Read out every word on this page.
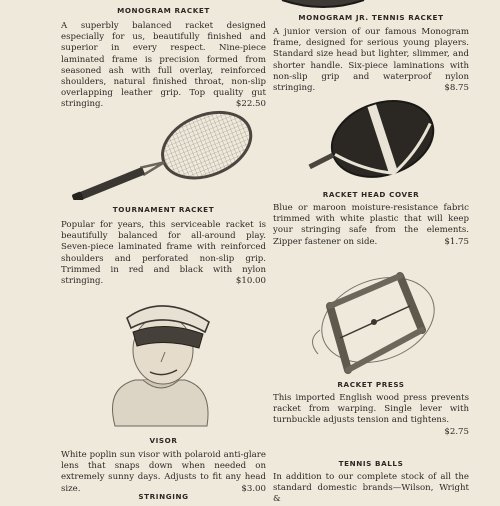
MONOGRAM RACKET
A superbly balanced racket designed especially for us, beautifully finished and superior in every respect. Nine-piece laminated frame is precision formed from seasoned ash with full overlay, reinforced shoulders, natural finished throat, non-slip overlapping leather grip. Top quality gut stringing.	$22.50
TOURNAMENT RACKET
Popular for years, this serviceable racket is beautifully balanced for all-around play. Seven-piece laminated frame with reinforced shoulders and perforated non-slip grip. Trimmed in red and black with nylon stringing.	$10.00
VISOR
White poplin sun visor with polaroid anti-glare lens that snaps down when needed on extremely sunny days. Adjusts to fit any head size.	$3.00
STRINGING
MONOGRAM JR. TENNIS RACKET
A junior version of our famous Monogram frame, designed for serious young players. Standard size head but lighter, slimmer, and shorter handle. Six-piece laminations with non-slip grip and waterproof nylon stringing.	$8.75
RACKET HEAD COVER
Blue or maroon moisture-resistance fabric trimmed with white plastic that will keep your stringing safe from the elements. Zipper fastener on side.	$1.75
RACKET PRESS
This imported English wood press prevents racket from warping. Single lever with turnbuckle adjusts tension and tightens.
$2.75
TENNIS BALLS
In addition to our complete stock of all the standard domestic brands—Wilson, Wright &
